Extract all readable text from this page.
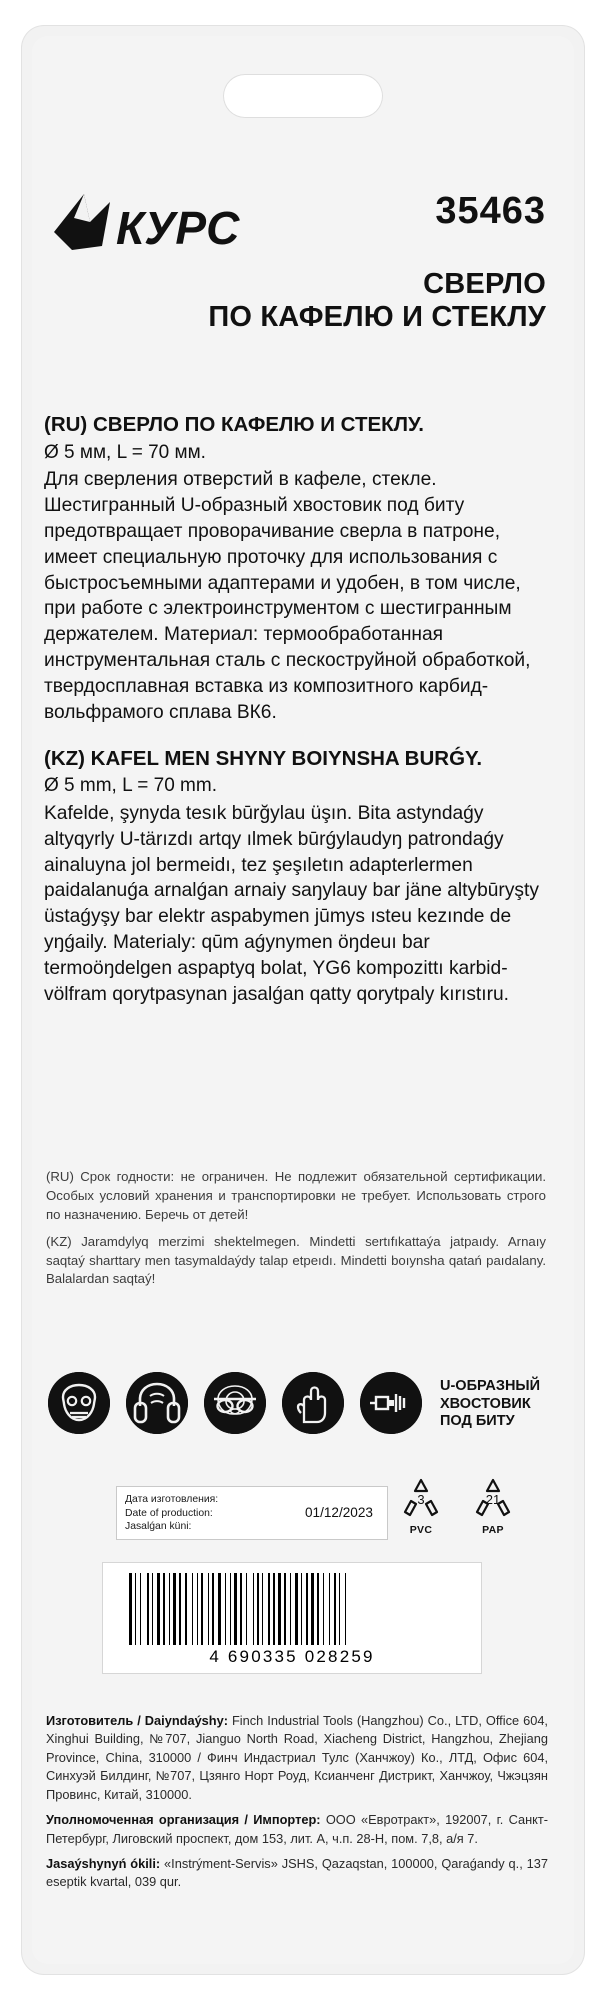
КУРС	35463
СВЕРЛО
ПО КАФЕЛЮ И СТЕКЛУ
(RU) СВЕРЛО ПО КАФЕЛЮ И СТЕКЛУ.
Ø 5 мм, L = 70 мм.
Для сверления отверстий в кафеле, стекле. Шестигранный U-образный хвостовик под биту предотвращает проворачивание сверла в патроне, имеет специальную проточку для использования с быстросъемными адаптерами и удобен, в том числе, при работе с электроинструментом с шестигранным держателем. Материал: термообработанная инструментальная сталь с пескоструйной обработкой, твердосплавная вставка из композитного карбид-вольфрамого сплава ВК6.
(KZ) KAFEL MEN SHYNY BOIYNSHA BURǴY.
Ø 5 mm, L = 70 mm.
Kafelde, şynyda tesık būrğylau üşın. Bita astyndaǵy altyqyrly U-tärızdı artqy ılmek būrǵylaudyŋ patrondaǵy ainaluyna jol bermeidı, tez şeşıletın adapterlermen paidalanuǵa arnalǵan arnaiy saŋylauy bar jäne altybūryşty üstaǵyşy bar elektr aspabymen jūmys ısteu kezınde de yŋǵaily. Materialy: qūm aǵynymen öŋdeuı bar termoöŋdelgen aspaptyq bolat, YG6 kompozittı karbid-völfram qorytpasynan jasalǵan qatty qorytpaly kırıstıru.

(RU) Срок годности: не ограничен. Не подлежит обязательной сертификации. Особых условий хранения и транспортировки не требует. Использовать строго по назначению. Беречь от детей!

(KZ) Jaramdylyq merzimi shektelmegen. Mindetti sertıfıkattaýa jatpaıdy. Arnaıy saqtaý sharttary men tasymaldaýdy talap etpeıdı. Mindetti boıynsha qatań paıdalany. Balalardan saqtaý!

U-ОБРАЗНЫЙ
ХВОСТОВИК
ПОД БИТУ
Дата изготовления:
Date of production:
Jasalǵan küni:
01/12/2023
3
PVC
21
PAP
4 690335 028259

Изготовитель / Daiyndaýshy: Finch Industrial Tools (Hangzhou) Co., LTD, Office 604, Xinghui Building, №707, Jianguo North Road, Xiacheng District, Hangzhou, Zhejiang Province, China, 310000 / Финч Индастриал Тулс (Ханчжоу) Ко., ЛТД, Офис 604, Синхуэй Билдинг, №707, Цзянго Норт Роуд, Ксианченг Дистрикт, Ханчжоу, Чжэцзян Провинс, Китай, 310000.

Уполномоченная организация / Импортер: ООО «Евротракт», 192007, г. Санкт-Петербург, Лиговский проспект, дом 153, лит. А, ч.п. 28-Н, пом. 7,8, а/я 7.

Jasaýshynyń ókili: «Instrýment-Servis» JSHS, Qazaqstan, 100000, Qaraǵandy q., 137 eseptik kvartal, 039 qur.
